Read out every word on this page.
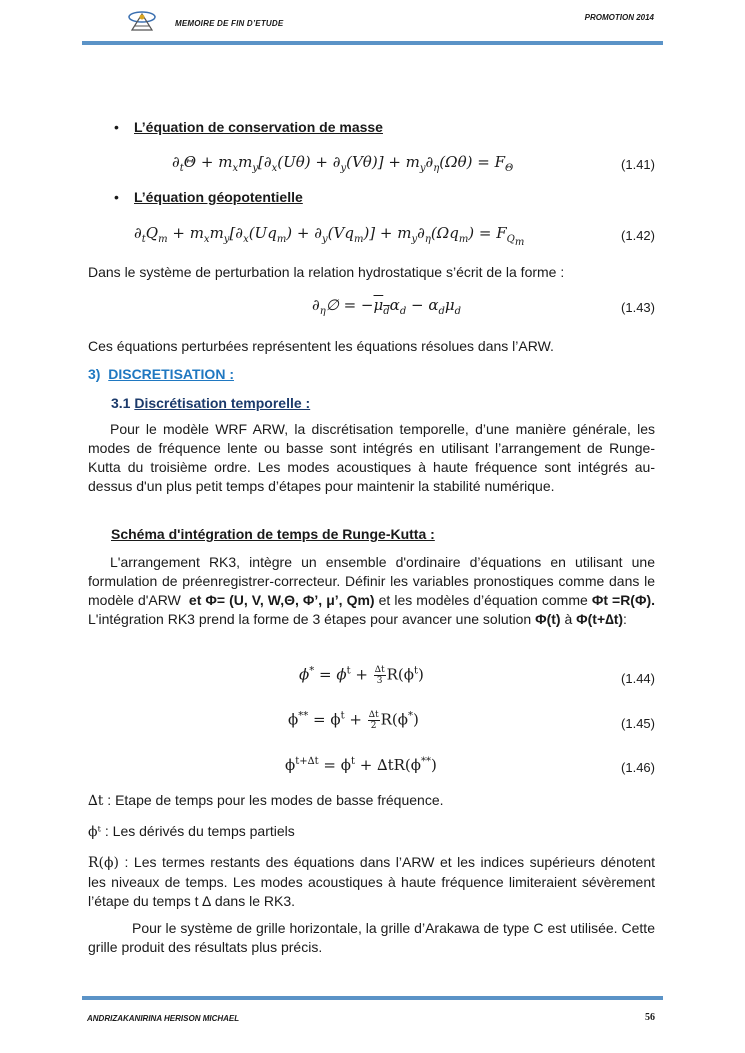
MEMOIRE DE FIN D’ETUDE
PROMOTION 2014
• L’équation de conservation de masse
$\partial_t\Theta + m_xm_y[\partial_x(U\theta) + \partial_y(V\theta)] + m_y\partial_\eta(\Omega\theta) = F_\Theta$	(1.41)
• L’équation géopotentielle
$\partial_tQ_m + m_xm_y[\partial_x(Uq_m) + \partial_y(Vq_m)] + m_y\partial_\eta(\Omega q_m) = F_{Q_m}$	(1.42)
Dans le système de perturbation la relation hydrostatique s’écrit de la forme :
$\partial_\eta\emptyset = -\mu_d\alpha_d - \alpha_d\mu_d$	(1.43)
Ces équations perturbées représentent les équations résolues dans l’ARW.
3) DISCRETISATION :
3.1 Discrétisation temporelle :
Pour le modèle WRF ARW, la discrétisation temporelle, d’une manière générale, les modes de fréquence lente ou basse sont intégrés en utilisant l’arrangement de Runge-Kutta du troisième ordre. Les modes acoustiques à haute fréquence sont intégrés au-dessus d'un plus petit temps d’étapes pour maintenir la stabilité numérique.
Schéma d'intégration de temps de Runge-Kutta :
L'arrangement RK3, intègre un ensemble d'ordinaire d’équations en utilisant une formulation de préenregistrer-correcteur. Définir les variables pronostiques comme dans le modèle d'ARW et Φ= (U, V, W,Θ, Φ’, μ’, Qm) et les modèles d’équation comme Φt =R(Φ). L'intégration RK3 prend la forme de 3 étapes pour avancer une solution Φ(t) à Φ(t+∆t):
$\phi^* = \phi^t + \frac{\Delta t}{3} R(\phi^t)$	(1.44)
$\phi^{**} = \phi^t + \frac{\Delta t}{2} R(\phi^*)$	(1.45)
$\phi^{t+\Delta t} = \phi^t + \Delta tR(\phi^{**})$	(1.46)
∆t : Etape de temps pour les modes de basse fréquence.
ϕᵗ : Les dérivés du temps partiels
R(ϕ) : Les termes restants des équations dans l’ARW et les indices supérieurs dénotent les niveaux de temps. Les modes acoustiques à haute fréquence limiteraient sévèrement l’étape du temps t ∆ dans le RK3.
Pour le système de grille horizontale, la grille d’Arakawa de type C est utilisée. Cette grille produit des résultats plus précis.
ANDRIZAKANIRINA HERISON MICHAEL	56
